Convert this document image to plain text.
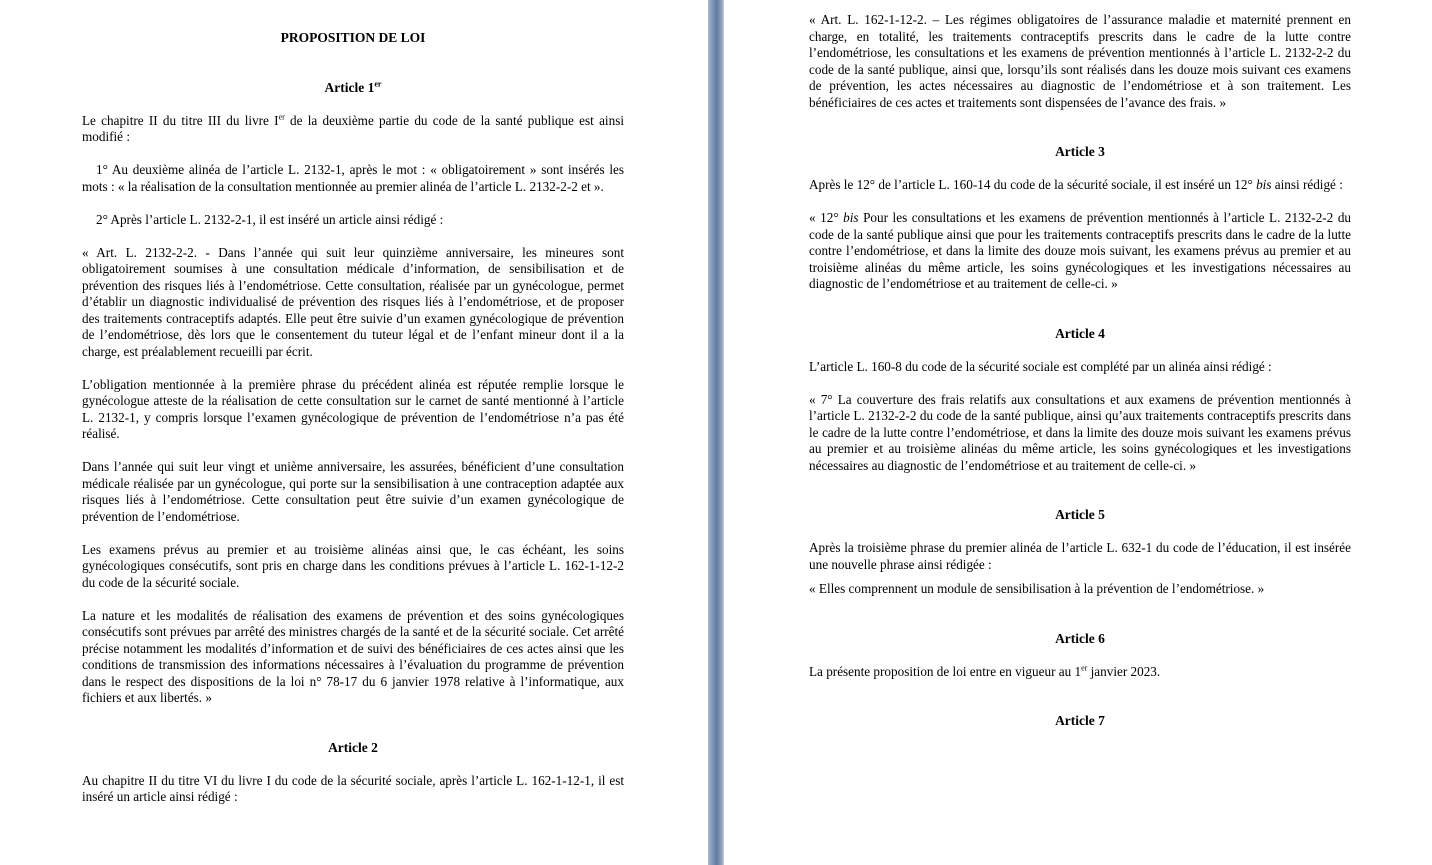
PROPOSITION DE LOI
Article 1er

Le chapitre II du titre III du livre Ier de la deuxième partie du code de la santé publique est ainsi modifié :

1° Au deuxième alinéa de l’article L. 2132-1, après le mot : « obligatoirement » sont insérés les mots : « la réalisation de la consultation mentionnée au premier alinéa de l’article L. 2132-2-2 et ».

2° Après l’article L. 2132-2-1, il est inséré un article ainsi rédigé :

« Art. L. 2132-2-2. - Dans l’année qui suit leur quinzième anniversaire, les mineures sont obligatoirement soumises à une consultation médicale d’information, de sensibilisation et de prévention des risques liés à l’endométriose. Cette consultation, réalisée par un gynécologue, permet d’établir un diagnostic individualisé de prévention des risques liés à l’endométriose, et de proposer des traitements contraceptifs adaptés. Elle peut être suivie d’un examen gynécologique de prévention de l’endométriose, dès lors que le consentement du tuteur légal et de l’enfant mineur dont il a la charge, est préalablement recueilli par écrit.

L’obligation mentionnée à la première phrase du précédent alinéa est réputée remplie lorsque le gynécologue atteste de la réalisation de cette consultation sur le carnet de santé mentionné à l’article L. 2132-1, y compris lorsque l’examen gynécologique de prévention de l’endométriose n’a pas été réalisé.

Dans l’année qui suit leur vingt et unième anniversaire, les assurées, bénéficient d’une consultation médicale réalisée par un gynécologue, qui porte sur la sensibilisation à une contraception adaptée aux risques liés à l’endométriose. Cette consultation peut être suivie d’un examen gynécologique de prévention de l’endométriose.

Les examens prévus au premier et au troisième alinéas ainsi que, le cas échéant, les soins gynécologiques consécutifs, sont pris en charge dans les conditions prévues à l’article L. 162-1-12-2 du code de la sécurité sociale.

La nature et les modalités de réalisation des examens de prévention et des soins gynécologiques consécutifs sont prévues par arrêté des ministres chargés de la santé et de la sécurité sociale. Cet arrêté précise notamment les modalités d’information et de suivi des bénéficiaires de ces actes ainsi que les conditions de transmission des informations nécessaires à l’évaluation du programme de prévention dans le respect des dispositions de la loi n° 78-17 du 6 janvier 1978 relative à l’informatique, aux fichiers et aux libertés. »

Article 2

Au chapitre II du titre VI du livre I du code de la sécurité sociale, après l’article L. 162-1-12-1, il est inséré un article ainsi rédigé :

« Art. L. 162-1-12-2. – Les régimes obligatoires de l’assurance maladie et maternité prennent en charge, en totalité, les traitements contraceptifs prescrits dans le cadre de la lutte contre l’endométriose, les consultations et les examens de prévention mentionnés à l’article L. 2132-2-2 du code de la santé publique, ainsi que, lorsqu’ils sont réalisés dans les douze mois suivant ces examens de prévention, les actes nécessaires au diagnostic de l’endométriose et à son traitement. Les bénéficiaires de ces actes et traitements sont dispensées de l’avance des frais. »

Article 3

Après le 12° de l’article L. 160-14 du code de la sécurité sociale, il est inséré un 12° bis ainsi rédigé :

« 12° bis Pour les consultations et les examens de prévention mentionnés à l’article L. 2132-2-2 du code de la santé publique ainsi que pour les traitements contraceptifs prescrits dans le cadre de la lutte contre l’endométriose, et dans la limite des douze mois suivant, les examens prévus au premier et au troisième alinéas du même article, les soins gynécologiques et les investigations nécessaires au diagnostic de l’endométriose et au traitement de celle-ci. »

Article 4

L’article L. 160-8 du code de la sécurité sociale est complété par un alinéa ainsi rédigé :

« 7° La couverture des frais relatifs aux consultations et aux examens de prévention mentionnés à l’article L. 2132-2-2 du code de la santé publique, ainsi qu’aux traitements contraceptifs prescrits dans le cadre de la lutte contre l’endométriose, et dans la limite des douze mois suivant les examens prévus au premier et au troisième alinéas du même article, les soins gynécologiques et les investigations nécessaires au diagnostic de l’endométriose et au traitement de celle-ci. »

Article 5

Après la troisième phrase du premier alinéa de l’article L. 632-1 du code de l’éducation, il est insérée une nouvelle phrase ainsi rédigée :

« Elles comprennent un module de sensibilisation à la prévention de l’endométriose. »

Article 6

La présente proposition de loi entre en vigueur au 1er janvier 2023.

Article 7
